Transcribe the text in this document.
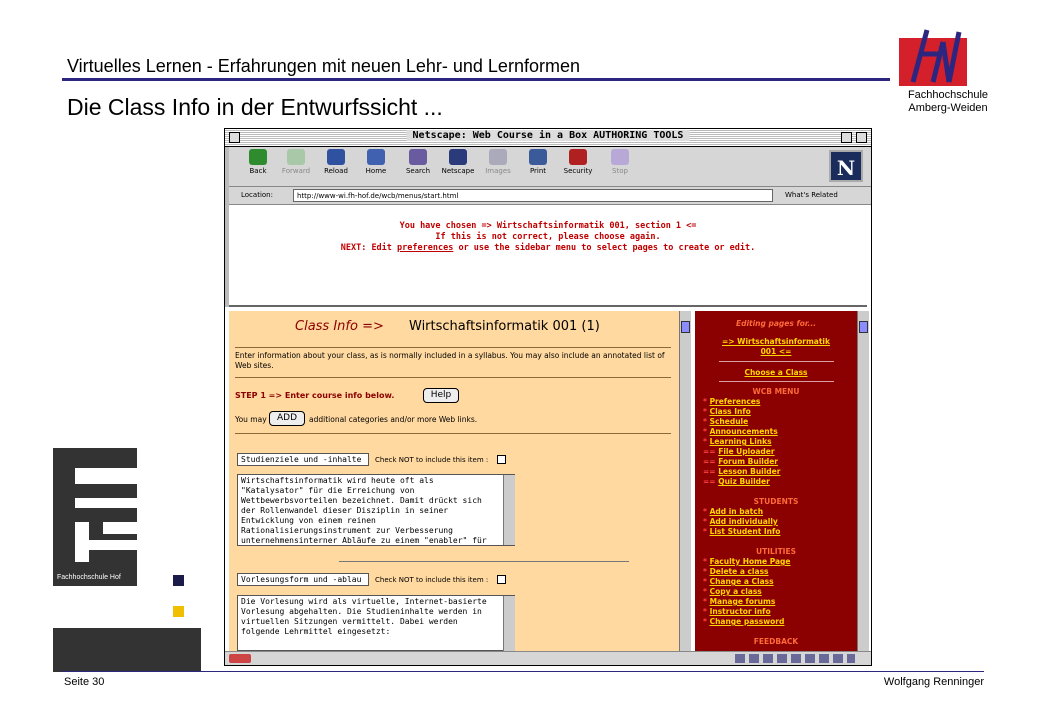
Virtuelles Lernen - Erfahrungen mit neuen Lehr- und Lernformen
Die Class Info in der Entwurfssicht ...	Fachhochschule
Amberg-Weiden
Fachhochschule Hof
Seite 30	Wolfgang Renninger
Netscape: Web Course in a Box AUTHORING TOOLS
Back	Forward	Reload	Home	Search	Netscape	Images	Print	Security	Stop	N
Location:	http://www-wi.fh-hof.de/wcb/menus/start.html	What's Related
You have chosen => Wirtschaftsinformatik 001, section 1 <=
If this is not correct, please choose again.
NEXT: Edit preferences or use the sidebar menu to select pages to create or edit.
Class Info => Wirtschaftsinformatik 001 (1)
Enter information about your class, as is normally included in a syllabus. You may also include an annotated list of Web sites.
STEP 1 => Enter course info below.	Help
You may	ADD	additional categories and/or more Web links.
Studienziele und -inhalte	Check NOT to include this item :
Wirtschaftsinformatik wird heute oft als
"Katalysator" für die Erreichung von
Wettbewerbsvorteilen bezeichnet. Damit drückt sich
der Rollenwandel dieser Disziplin in seiner
Entwicklung von einem reinen
Rationalisierungsinstrument zur Verbesserung
unternehmensinterner Abläufe zu einem "enabler" für
Vorlesungsform und -ablau	Check NOT to include this item :
Die Vorlesung wird als virtuelle, Internet-basierte
Vorlesung abgehalten. Die Studieninhalte werden in
virtuellen Sitzungen vermittelt. Dabei werden
folgende Lehrmittel eingesetzt:
Editing pages for...
=> Wirtschaftsinformatik
001 <=
Choose a Class
WCB MENU
* Preferences
* Class Info
* Schedule
* Announcements
* Learning Links
== File Uploader
== Forum Builder
== Lesson Builder
== Quiz Builder
STUDENTS
* Add in batch
* Add individually
* List Student Info
UTILITIES
* Faculty Home Page
* Delete a class
* Change a Class
* Copy a class
* Manage forums
* Instructor info
* Change password
FEEDBACK
